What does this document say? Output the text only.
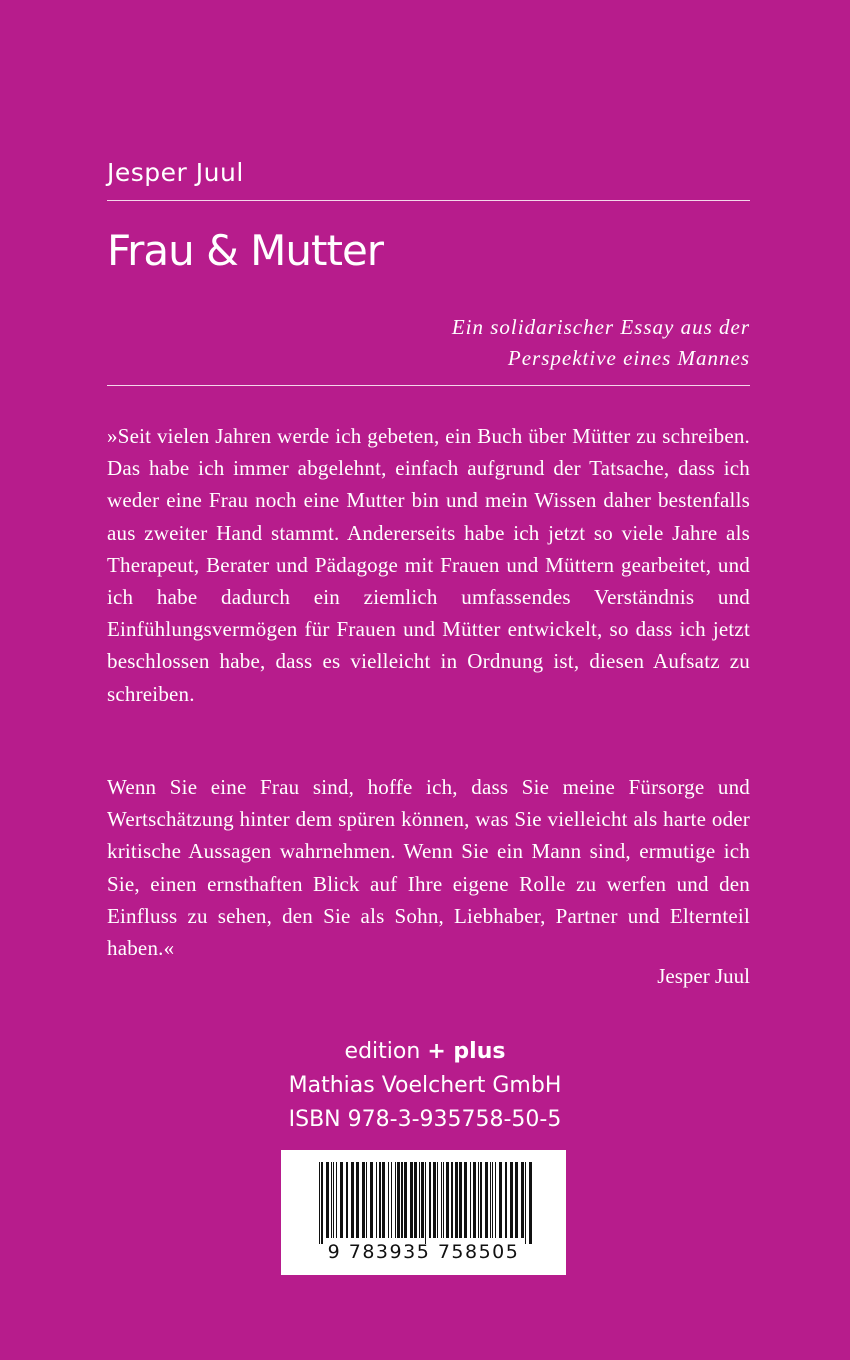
Jesper Juul

Frau & Mutter

Ein solidarischer Essay aus der
Perspektive eines Mannes

»Seit vielen Jahren werde ich gebeten, ein Buch über Mütter zu schreiben. Das habe ich immer abgelehnt, einfach aufgrund der Tatsache, dass ich weder eine Frau noch eine Mutter bin und mein Wissen daher bestenfalls aus zweiter Hand stammt. Andererseits habe ich jetzt so viele Jahre als Therapeut, Berater und Pädagoge mit Frauen und Müttern gearbeitet, und ich habe dadurch ein ziemlich umfassendes Verständnis und Einfühlungsvermögen für Frauen und Mütter entwickelt, so dass ich jetzt beschlossen habe, dass es vielleicht in Ordnung ist, diesen Aufsatz zu schreiben.

Wenn Sie eine Frau sind, hoffe ich, dass Sie meine Fürsorge und Wertschätzung hinter dem spüren können, was Sie vielleicht als harte oder kritische Aussagen wahrnehmen. Wenn Sie ein Mann sind, ermutige ich Sie, einen ernsthaften Blick auf Ihre eigene Rolle zu werfen und den Einfluss zu sehen, den Sie als Sohn, Liebhaber, Partner und Elternteil haben.«

Jesper Juul

edition + plus
Mathias Voelchert GmbH
ISBN 978-3-935758-50-5
9 783935 758505
